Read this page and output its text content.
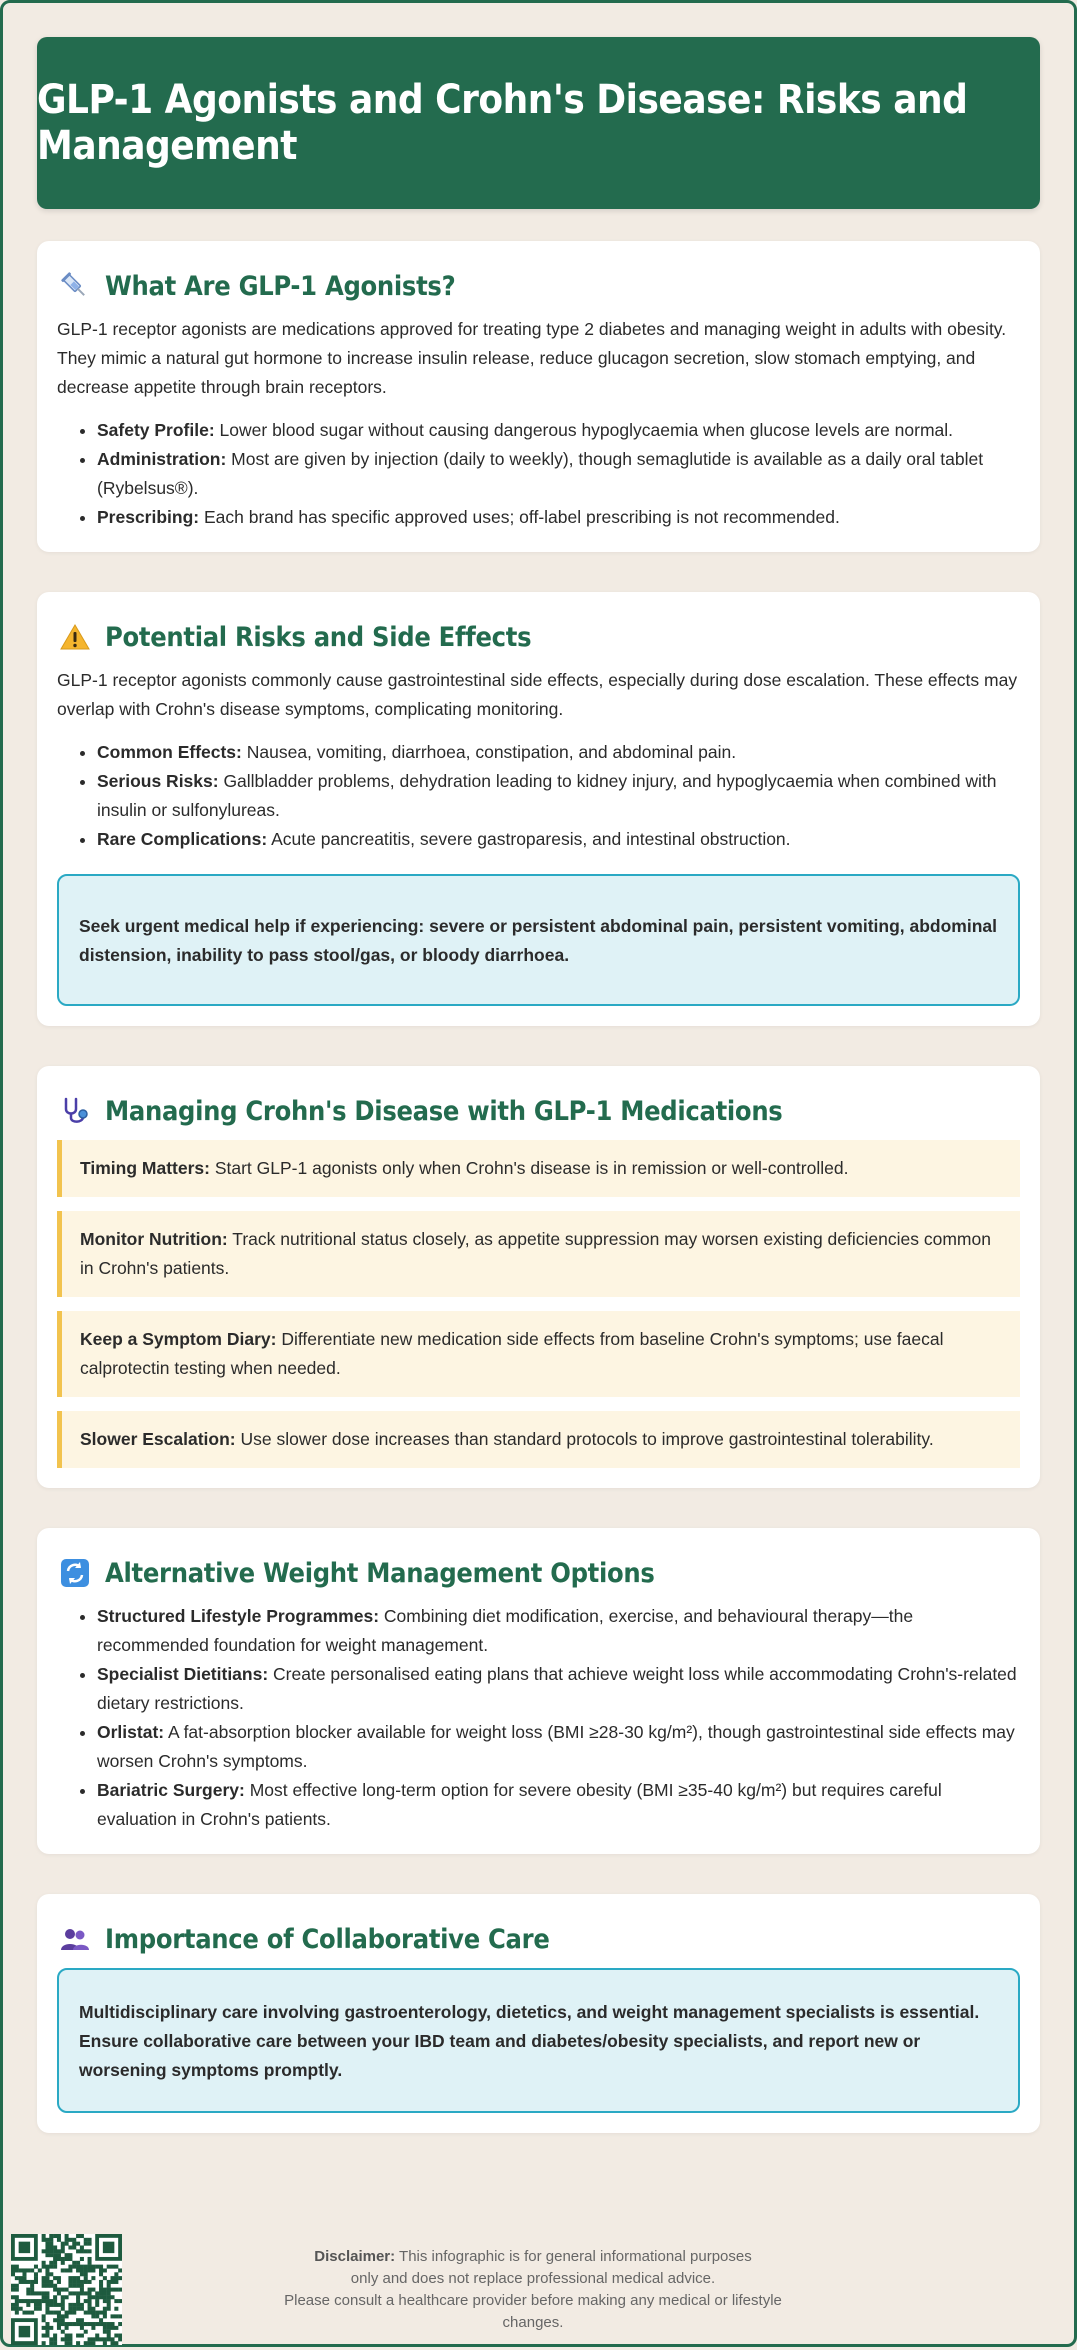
GLP-1 Agonists and Crohn's Disease: Risks and Management
What Are GLP-1 Agonists?

GLP-1 receptor agonists are medications approved for treating type 2 diabetes and managing weight in adults with obesity. They mimic a natural gut hormone to increase insulin release, reduce glucagon secretion, slow stomach emptying, and decrease appetite through brain receptors.

• Safety Profile: Lower blood sugar without causing dangerous hypoglycaemia when glucose levels are normal.
• Administration: Most are given by injection (daily to weekly), though semaglutide is available as a daily oral tablet (Rybelsus®).
• Prescribing: Each brand has specific approved uses; off-label prescribing is not recommended.
Potential Risks and Side Effects

GLP-1 receptor agonists commonly cause gastrointestinal side effects, especially during dose escalation. These effects may overlap with Crohn's disease symptoms, complicating monitoring.

• Common Effects: Nausea, vomiting, diarrhoea, constipation, and abdominal pain.
• Serious Risks: Gallbladder problems, dehydration leading to kidney injury, and hypoglycaemia when combined with insulin or sulfonylureas.
• Rare Complications: Acute pancreatitis, severe gastroparesis, and intestinal obstruction.
Seek urgent medical help if experiencing: severe or persistent abdominal pain, persistent vomiting, abdominal distension, inability to pass stool/gas, or bloody diarrhoea.
Managing Crohn's Disease with GLP-1 Medications
Timing Matters: Start GLP-1 agonists only when Crohn's disease is in remission or well-controlled.
Monitor Nutrition: Track nutritional status closely, as appetite suppression may worsen existing deficiencies common in Crohn's patients.
Keep a Symptom Diary: Differentiate new medication side effects from baseline Crohn's symptoms; use faecal calprotectin testing when needed.
Slower Escalation: Use slower dose increases than standard protocols to improve gastrointestinal tolerability.
Alternative Weight Management Options
• Structured Lifestyle Programmes: Combining diet modification, exercise, and behavioural therapy—the recommended foundation for weight management.
• Specialist Dietitians: Create personalised eating plans that achieve weight loss while accommodating Crohn's-related dietary restrictions.
• Orlistat: A fat-absorption blocker available for weight loss (BMI ≥28-30 kg/m²), though gastrointestinal side effects may worsen Crohn's symptoms.
• Bariatric Surgery: Most effective long-term option for severe obesity (BMI ≥35-40 kg/m²) but requires careful evaluation in Crohn's patients.
Importance of Collaborative Care
Multidisciplinary care involving gastroenterology, dietetics, and weight management specialists is essential. Ensure collaborative care between your IBD team and diabetes/obesity specialists, and report new or worsening symptoms promptly.
Disclaimer: This infographic is for general informational purposes
only and does not replace professional medical advice.
Please consult a healthcare provider before making any medical or lifestyle changes.
